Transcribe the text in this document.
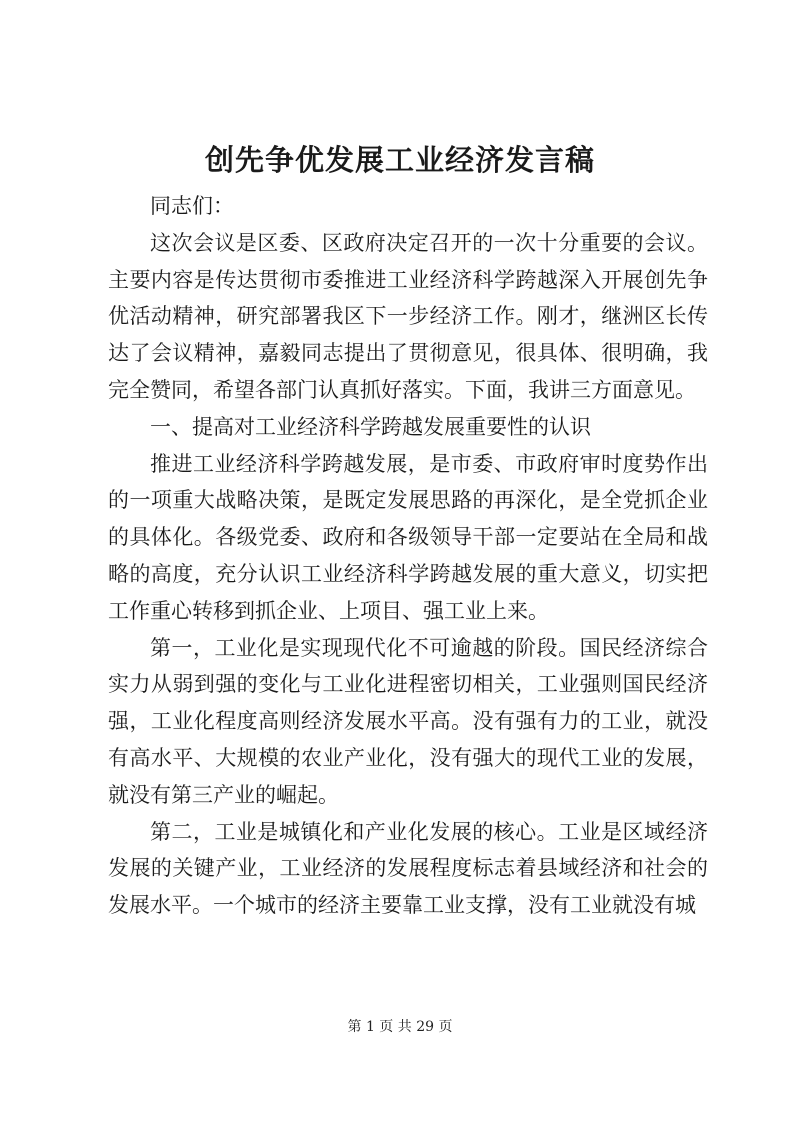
创先争优发展工业经济发言稿

同志们：

这次会议是区委、区政府决定召开的一次十分重要的会议。主要内容是传达贯彻市委推进工业经济科学跨越深入开展创先争优活动精神，研究部署我区下一步经济工作。刚才，继洲区长传达了会议精神，嘉毅同志提出了贯彻意见，很具体、很明确，我完全赞同，希望各部门认真抓好落实。下面，我讲三方面意见。

一、提高对工业经济科学跨越发展重要性的认识

推进工业经济科学跨越发展，是市委、市政府审时度势作出的一项重大战略决策，是既定发展思路的再深化，是全党抓企业的具体化。各级党委、政府和各级领导干部一定要站在全局和战略的高度，充分认识工业经济科学跨越发展的重大意义，切实把工作重心转移到抓企业、上项目、强工业上来。

第一，工业化是实现现代化不可逾越的阶段。国民经济综合实力从弱到强的变化与工业化进程密切相关，工业强则国民经济强，工业化程度高则经济发展水平高。没有强有力的工业，就没有高水平、大规模的农业产业化，没有强大的现代工业的发展，就没有第三产业的崛起。

第二，工业是城镇化和产业化发展的核心。工业是区域经济发展的关键产业，工业经济的发展程度标志着县域经济和社会的发展水平。一个城市的经济主要靠工业支撑，没有工业就没有城

第 1 页 共 29 页
